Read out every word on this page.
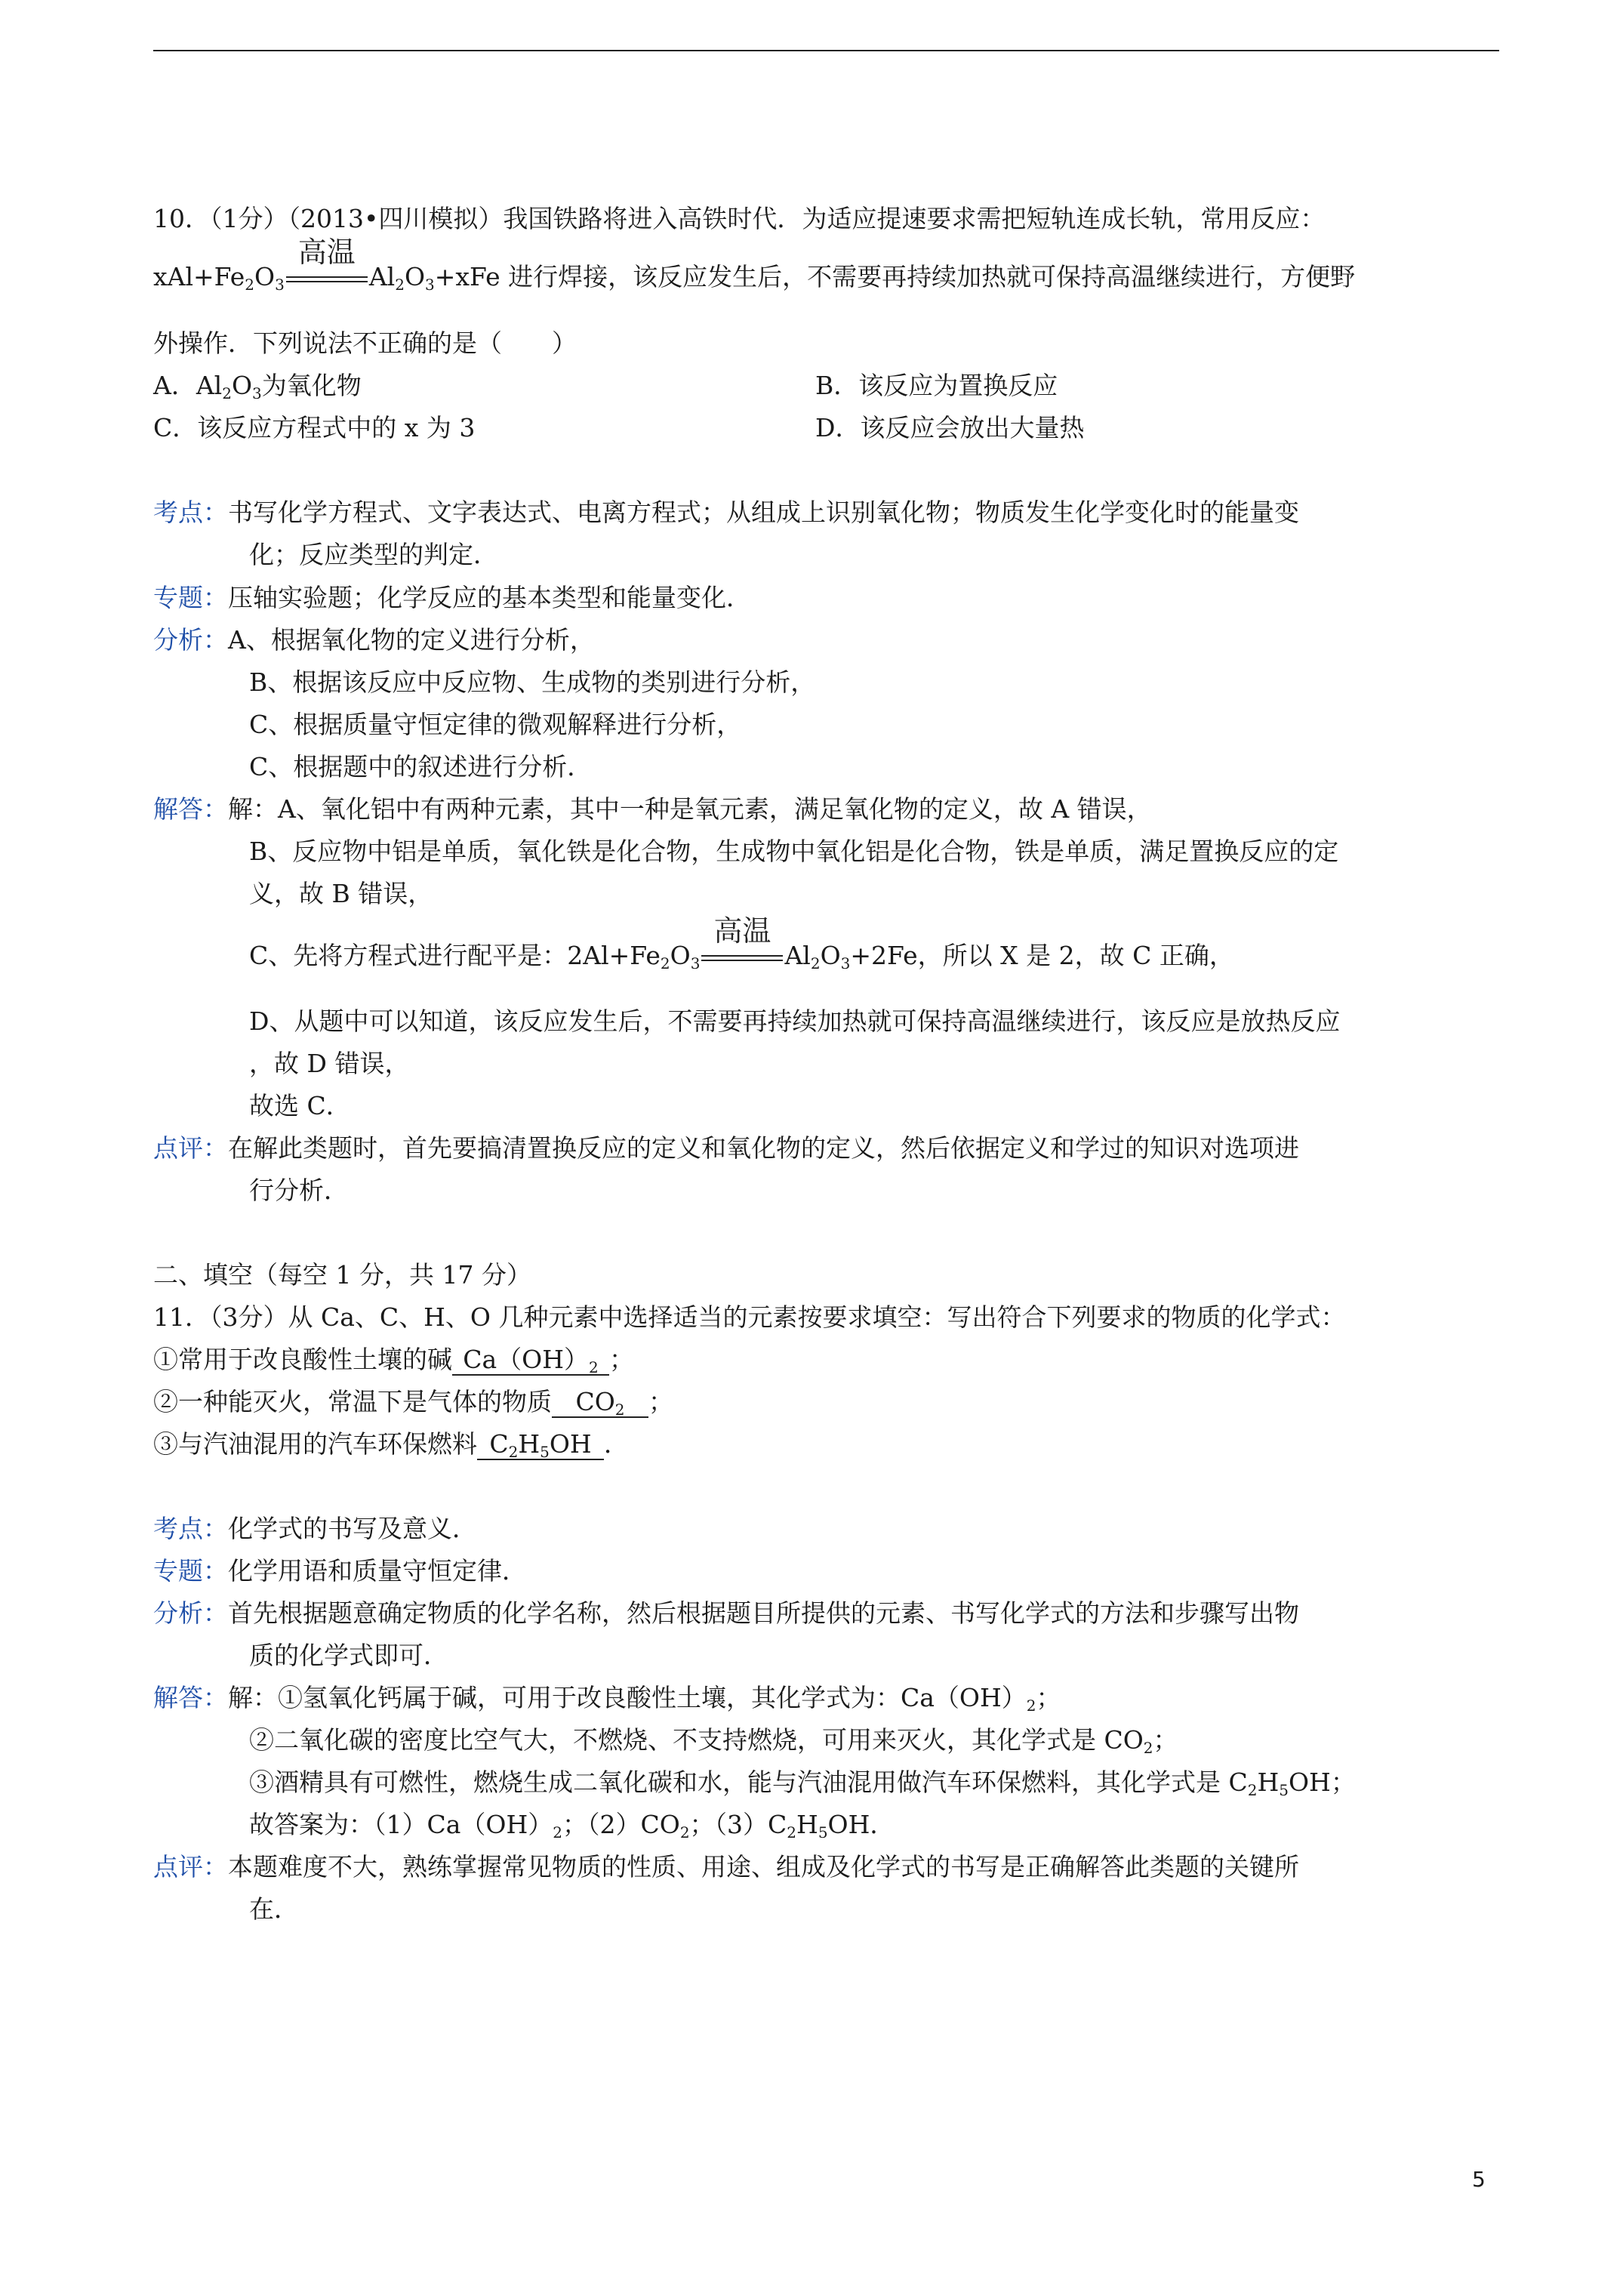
10．（1分）（2013•四川模拟）我国铁路将进入高铁时代．为适应提速要求需把短轨连成长轨，常用反应：
$xAl+Fe_2O_3$
高温
$Al_2O_3+xFe$ 进行焊接，该反应发生后，不需要再持续加热就可保持高温继续进行，方便野
外操作．下列说法不正确的是（　　）
A．$Al_2O_3$为氧化物	B．该反应为置换反应
C．该反应方程式中的 x 为 3	D．该反应会放出大量热
考点：书写化学方程式、文字表达式、电离方程式；从组成上识别氧化物；物质发生化学变化时的能量变
化；反应类型的判定．
专题：压轴实验题；化学反应的基本类型和能量变化．
分析：A、根据氧化物的定义进行分析，
B、根据该反应中反应物、生成物的类别进行分析，
C、根据质量守恒定律的微观解释进行分析，
C、根据题中的叙述进行分析．
解答：解：A、氧化铝中有两种元素，其中一种是氧元素，满足氧化物的定义，故 A 错误，
B、反应物中铝是单质，氧化铁是化合物，生成物中氧化铝是化合物，铁是单质，满足置换反应的定
义，故 B 错误，
C、先将方程式进行配平是：$2Al+Fe_2O_3$
高温
$Al_2O_3+2Fe$，所以 X 是 2，故 C 正确，
D、从题中可以知道，该反应发生后，不需要再持续加热就可保持高温继续进行，该反应是放热反应
，故 D 错误，
故选 C．
点评：在解此类题时，首先要搞清置换反应的定义和氧化物的定义，然后依据定义和学过的知识对选项进
行分析．
二、填空（每空 1 分，共 17 分）
11．（3分）从 Ca、C、H、O 几种元素中选择适当的元素按要求填空：写出符合下列要求的物质的化学式：
①常用于改良酸性土壤的碱 $Ca(OH)_2$ ；
②一种能灭火，常温下是气体的物质 $CO_2$ ；
③与汽油混用的汽车环保燃料 $C_2H_5OH$ ．
考点：化学式的书写及意义．
专题：化学用语和质量守恒定律．
分析：首先根据题意确定物质的化学名称，然后根据题目所提供的元素、书写化学式的方法和步骤写出物
质的化学式即可．
解答：解：①氢氧化钙属于碱，可用于改良酸性土壤，其化学式为：$Ca(OH)_2$；
②二氧化碳的密度比空气大，不燃烧、不支持燃烧，可用来灭火，其化学式是 $CO_2$；
③酒精具有可燃性，燃烧生成二氧化碳和水，能与汽油混用做汽车环保燃料，其化学式是 $C_2H_5OH$；
故答案为：$(1)Ca(OH)_2$；$(2)CO_2$；$(3)C_2H_5OH$．
点评：本题难度不大，熟练掌握常见物质的性质、用途、组成及化学式的书写是正确解答此类题的关键所
在．
5
